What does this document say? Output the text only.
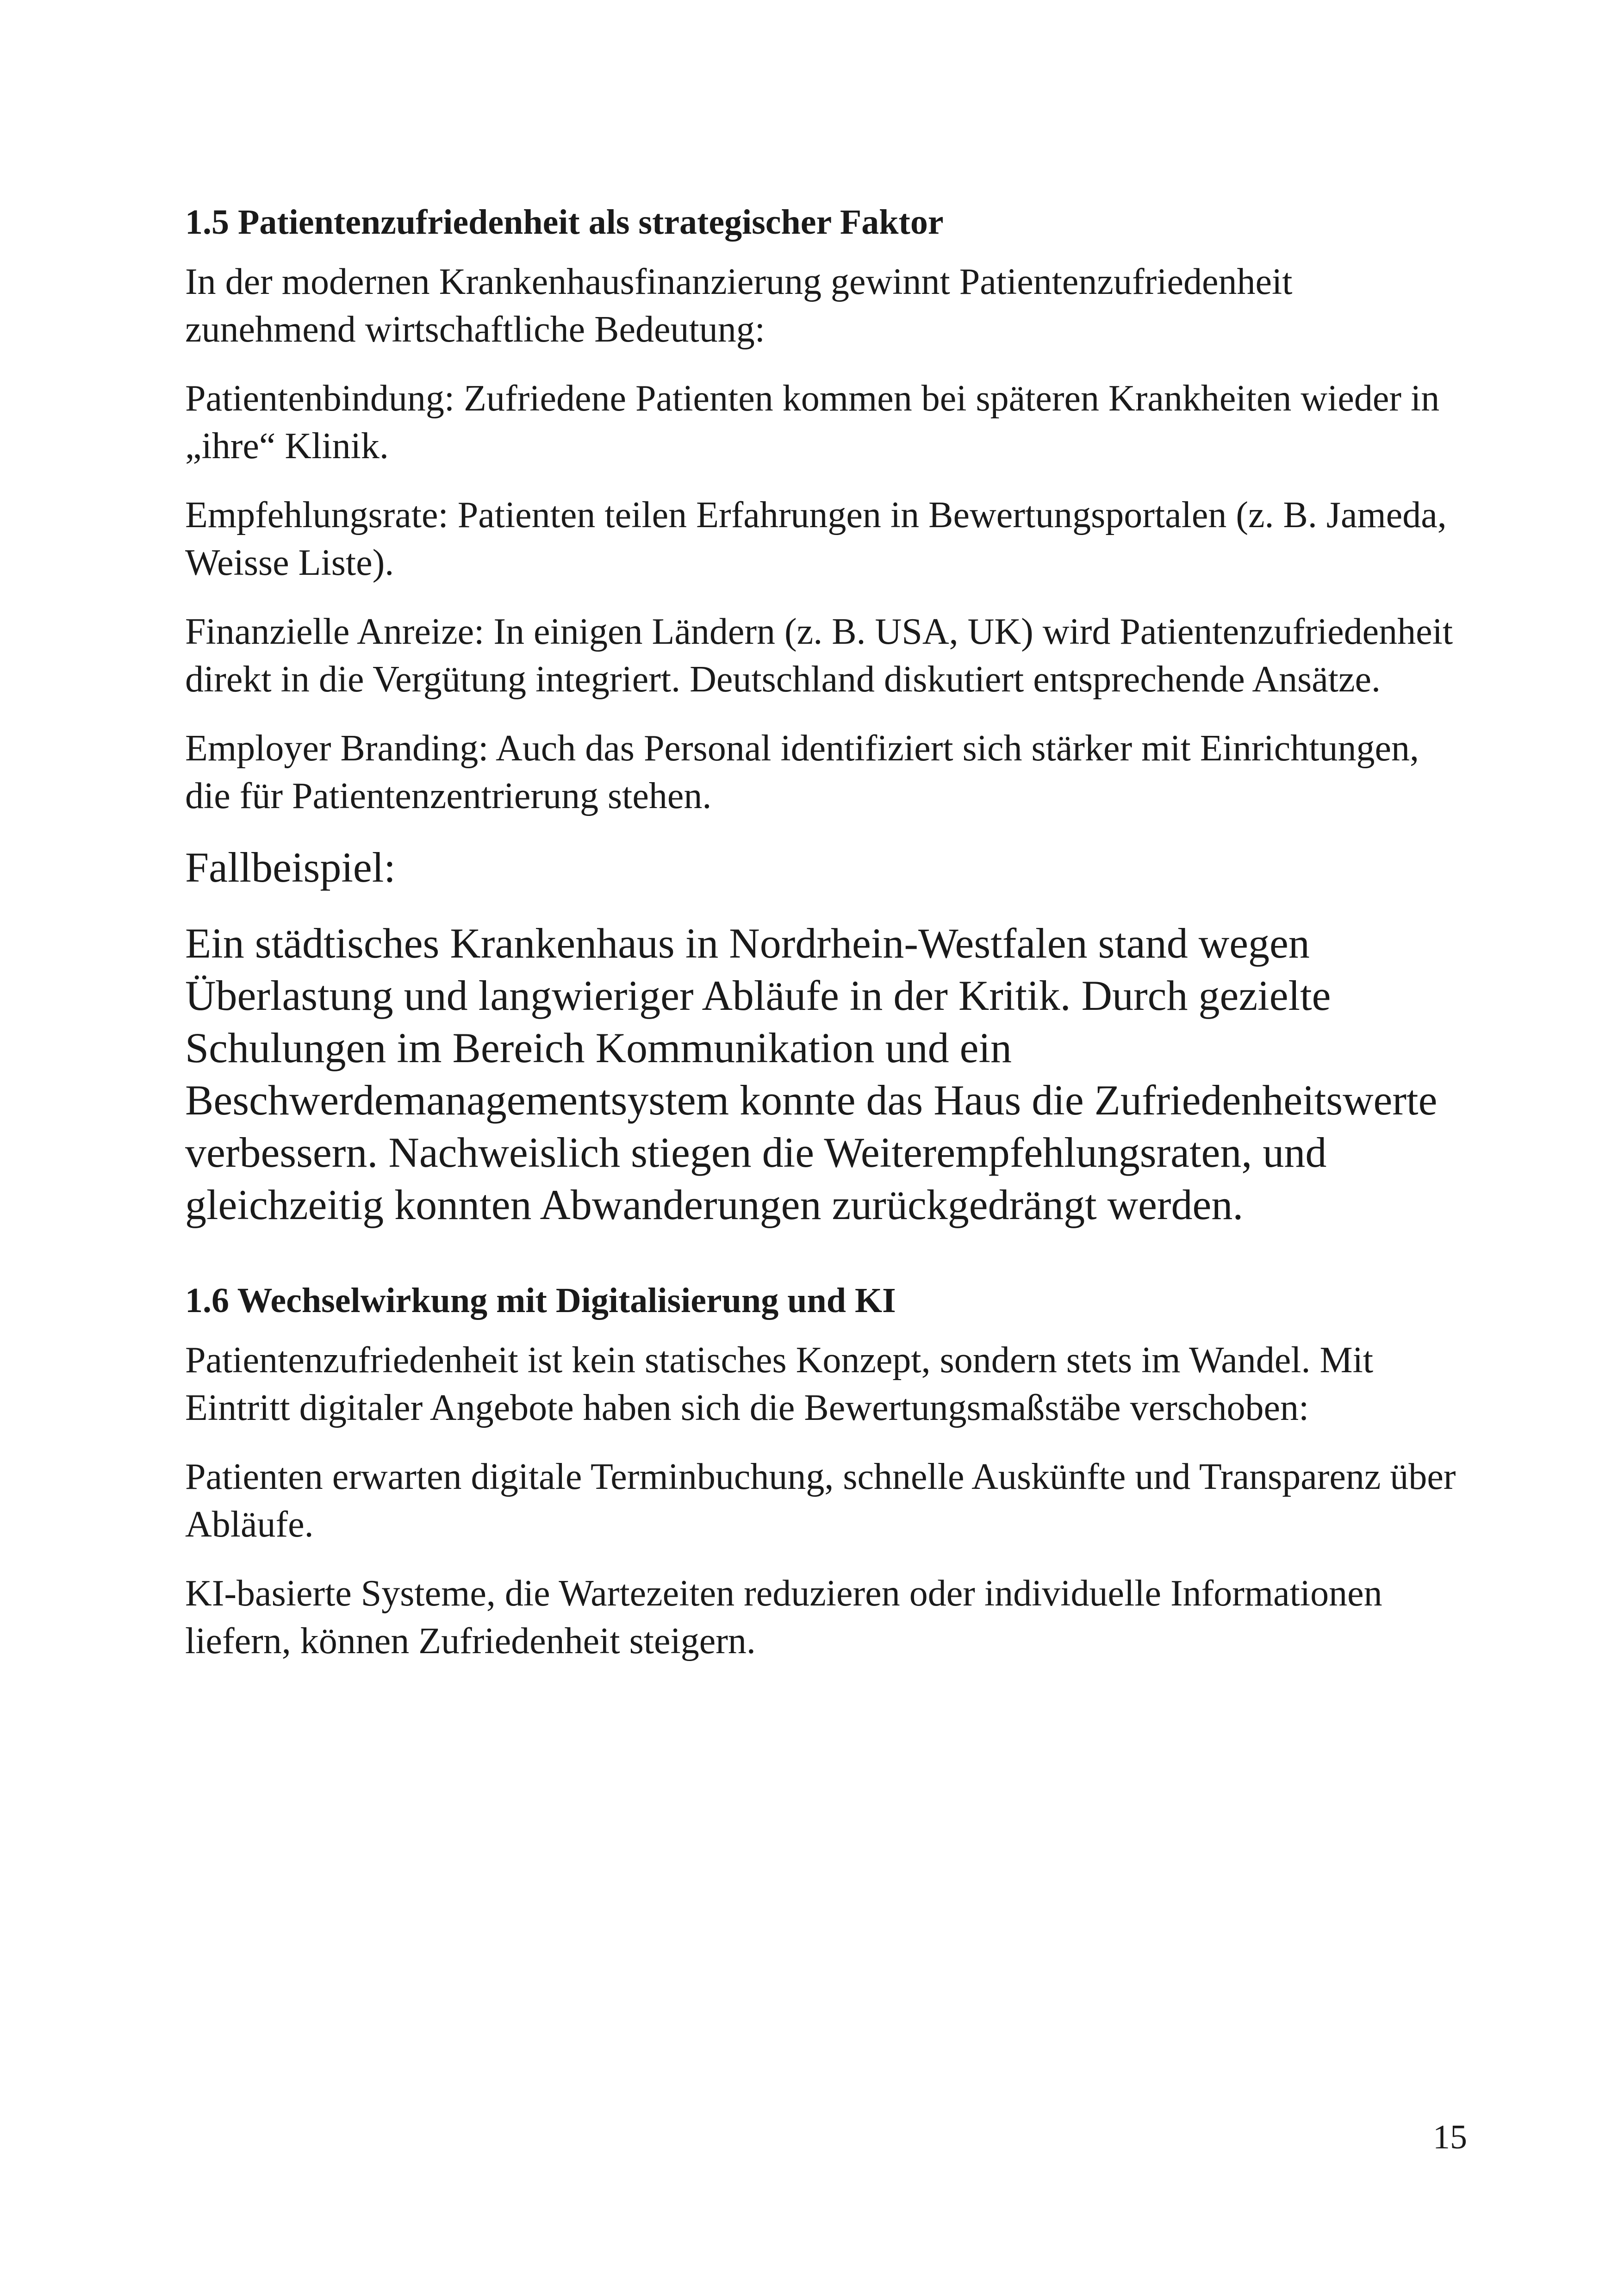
1.5 Patientenzufriedenheit als strategischer Faktor

In der modernen Krankenhausfinanzierung gewinnt Patientenzufriedenheit zunehmend wirtschaftliche Bedeutung:

Patientenbindung: Zufriedene Patienten kommen bei späteren Krankheiten wieder in „ihre“ Klinik.

Empfehlungsrate: Patienten teilen Erfahrungen in Bewertungsportalen (z. B. Jameda, Weisse Liste).

Finanzielle Anreize: In einigen Ländern (z. B. USA, UK) wird Patientenzufriedenheit direkt in die Vergütung integriert. Deutschland diskutiert entsprechende Ansätze.

Employer Branding: Auch das Personal identifiziert sich stärker mit Einrichtungen, die für Patientenzentrierung stehen.

Fallbeispiel:

Ein städtisches Krankenhaus in Nordrhein-Westfalen stand wegen Überlastung und langwieriger Abläufe in der Kritik. Durch gezielte Schulungen im Bereich Kommunikation und ein Beschwerdemanagementsystem konnte das Haus die Zufriedenheitswerte verbessern. Nachweislich stiegen die Weiterempfehlungsraten, und gleichzeitig konnten Abwanderungen zurückgedrängt werden.

1.6 Wechselwirkung mit Digitalisierung und KI

Patientenzufriedenheit ist kein statisches Konzept, sondern stets im Wandel. Mit Eintritt digitaler Angebote haben sich die Bewertungsmaßstäbe verschoben:

Patienten erwarten digitale Terminbuchung, schnelle Auskünfte und Transparenz über Abläufe.

KI-basierte Systeme, die Wartezeiten reduzieren oder individuelle Informationen liefern, können Zufriedenheit steigern.

15
